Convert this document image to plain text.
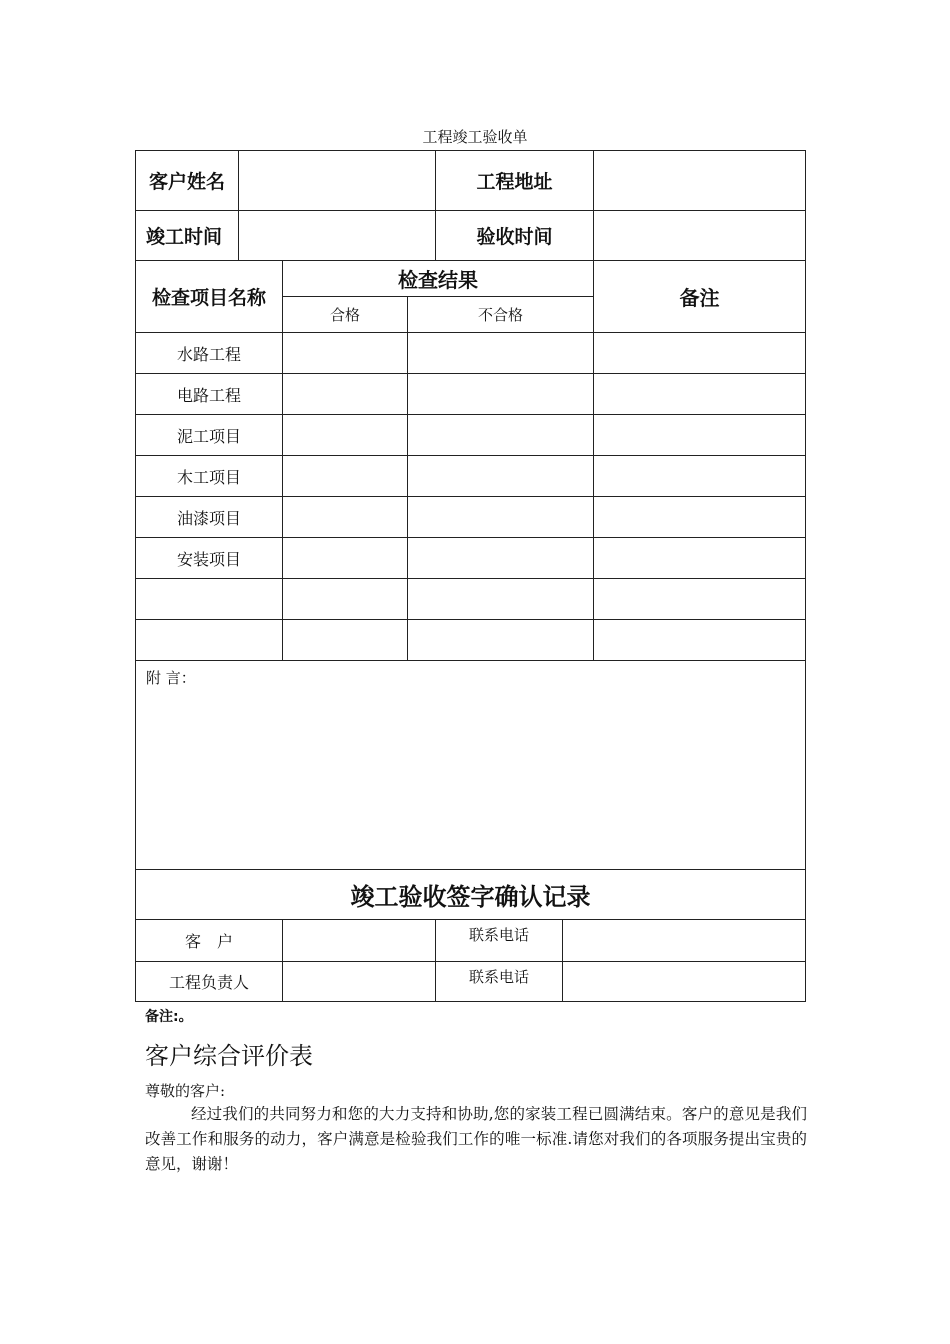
工程竣工验收单
客户姓名				工程地址		
竣工时间				验收时间		
检查项目名称		检查结果				备注
		合格	不合格			
水路工程						
电路工程						
泥工项目						
木工项目						
油漆项目						
安装项目						

附 言：						
竣工验收签字确认记录						
客　户				联系电话		
工程负责人				联系电话		
备注:。
客户综合评价表
尊敬的客户:
经过我们的共同努力和您的大力支持和协助,您的家装工程已圆满结束。客户的意见是我们改善工作和服务的动力，客户满意是检验我们工作的唯一标准.请您对我们的各项服务提出宝贵的意见，谢谢！
